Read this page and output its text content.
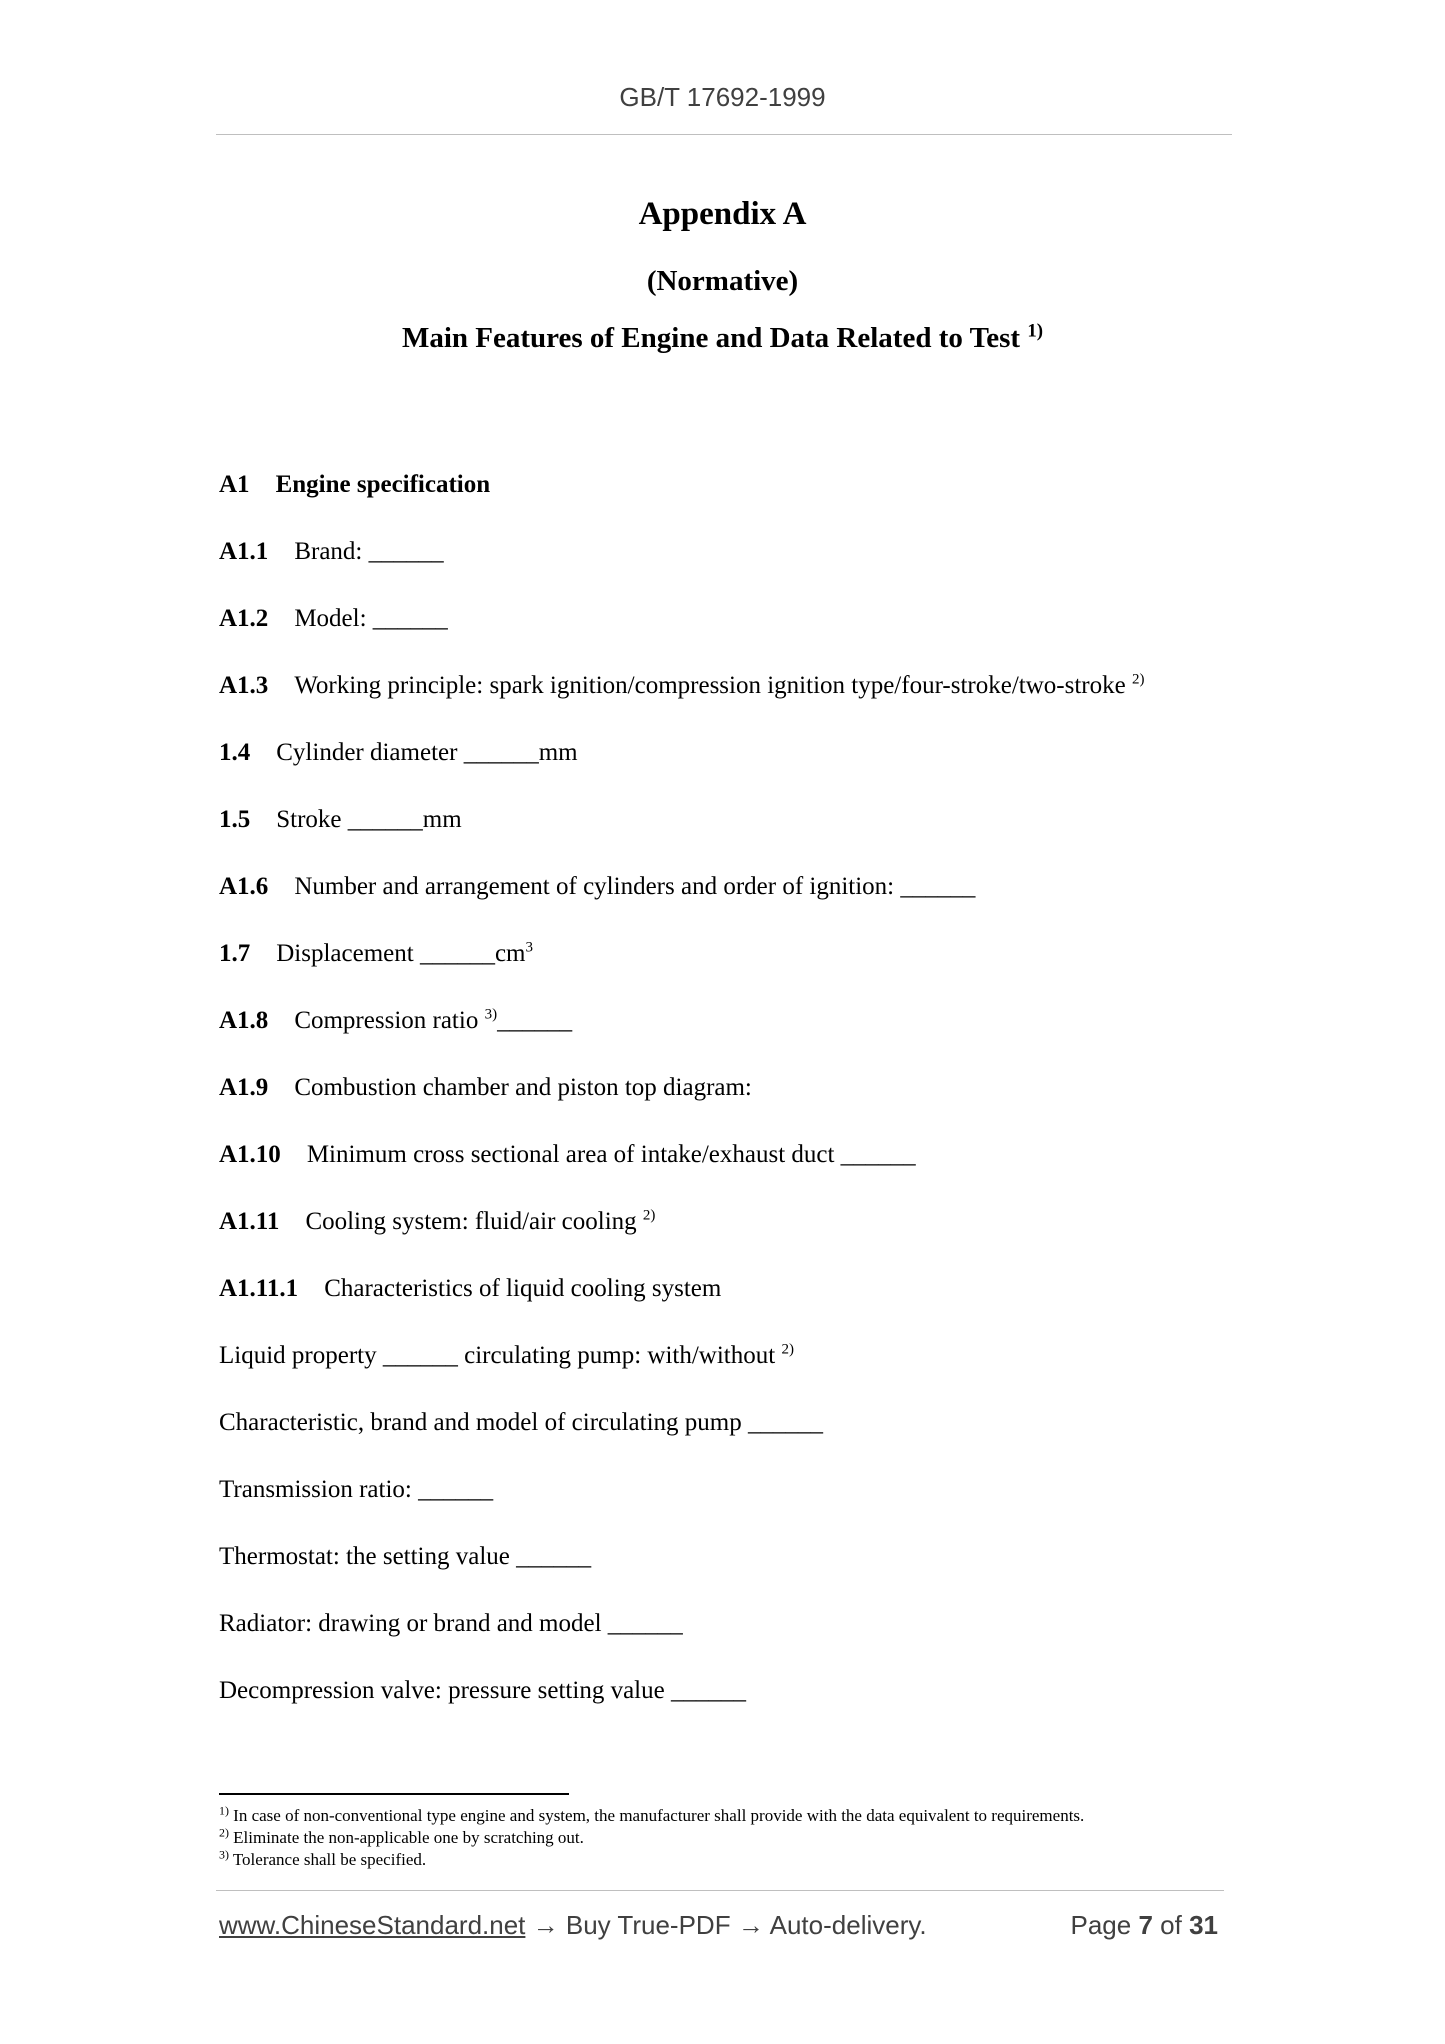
GB/T 17692-1999
Appendix A
(Normative)
Main Features of Engine and Data Related to Test $^{1)}$
A1 Engine specification
A1.1 Brand: ______
A1.2 Model: ______
A1.3 Working principle: spark ignition/compression ignition type/four-stroke/two-stroke $^{2)}$
1.4 Cylinder diameter ______mm
1.5 Stroke ______mm
A1.6 Number and arrangement of cylinders and order of ignition: ______
1.7 Displacement $\_\_\_\_\_\_cm^3$
A1.8 Compression ratio $^{3)}$______
A1.9 Combustion chamber and piston top diagram:
A1.10 Minimum cross sectional area of intake/exhaust duct ______
A1.11 Cooling system: fluid/air cooling $^{2)}$
A1.11.1 Characteristics of liquid cooling system
Liquid property ______ circulating pump: with/without $^{2)}$
Characteristic, brand and model of circulating pump ______
Transmission ratio: ______
Thermostat: the setting value ______
Radiator: drawing or brand and model ______
Decompression valve: pressure setting value ______
$^{1)}$ In case of non-conventional type engine and system, the manufacturer shall provide with the data equivalent to requirements.
$^{2)}$ Eliminate the non-applicable one by scratching out.
$^{3)}$ Tolerance shall be specified.
www.ChineseStandard.net → Buy True-PDF → Auto-delivery.	Page 7 of 31
